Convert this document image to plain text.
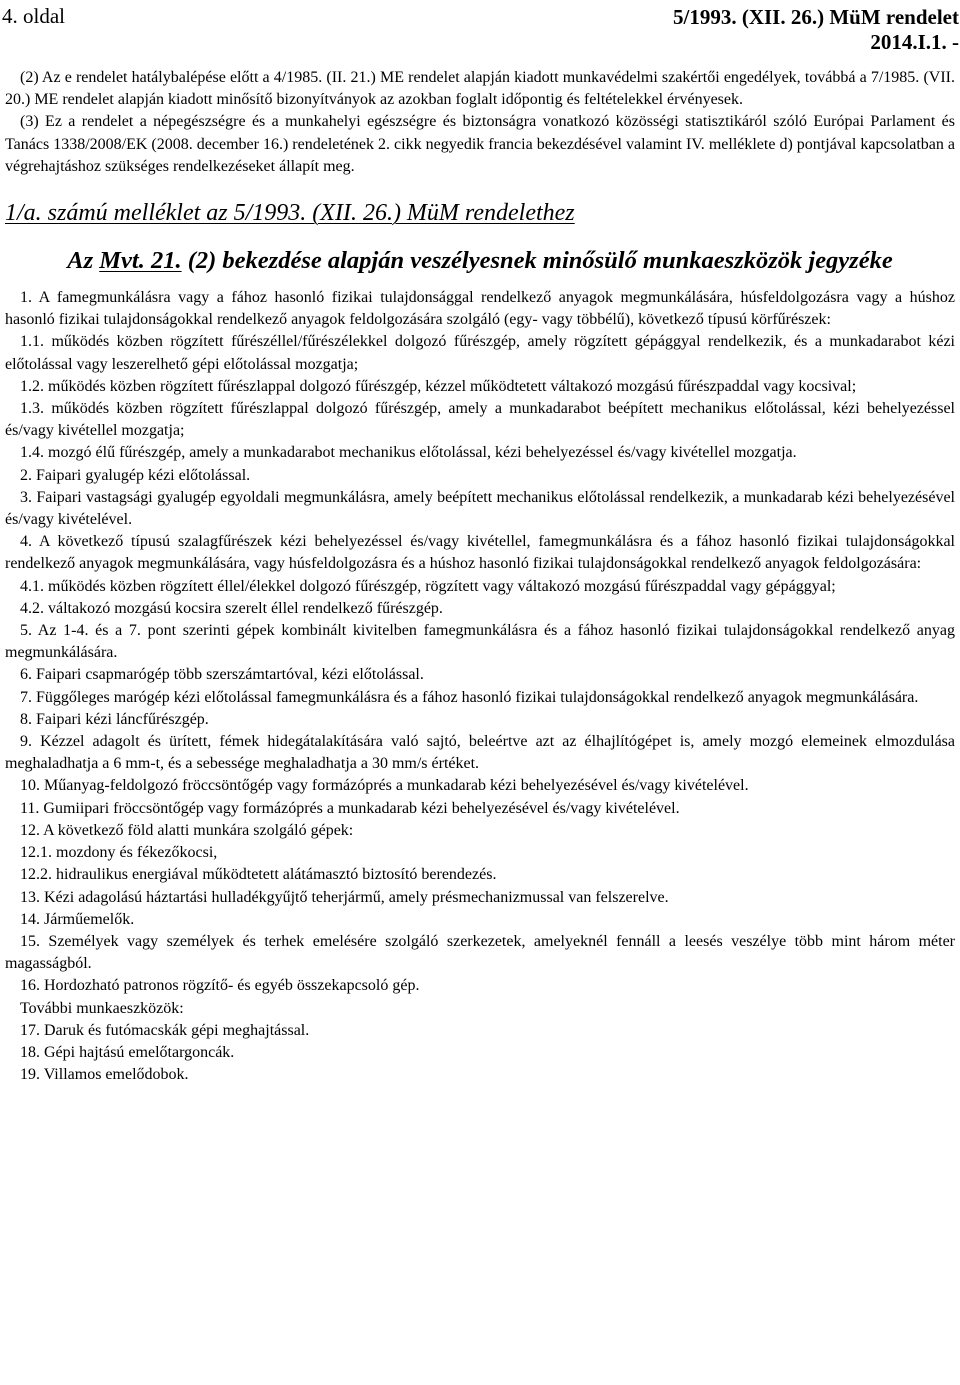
4. oldal	5/1993. (XII. 26.) MüM rendelet
2014.I.1. -

(2) Az e rendelet hatálybalépése előtt a 4/1985. (II. 21.) ME rendelet alapján kiadott munkavédelmi szakértői engedélyek, továbbá a 7/1985. (VII. 20.) ME rendelet alapján kiadott minősítő bizonyítványok az azokban foglalt időpontig és feltételekkel érvényesek.

(3) Ez a rendelet a népegészségre és a munkahelyi egészségre és biztonságra vonatkozó közösségi statisztikáról szóló Európai Parlament és Tanács 1338/2008/EK (2008. december 16.) rendeletének 2. cikk negyedik francia bekezdésével valamint IV. melléklete d) pontjával kapcsolatban a végrehajtáshoz szükséges rendelkezéseket állapít meg.

1/a. számú melléklet az 5/1993. (XII. 26.) MüM rendelethez
Az Mvt. 21. (2) bekezdése alapján veszélyesnek minősülő munkaeszközök jegyzéke

1. A famegmunkálásra vagy a fához hasonló fizikai tulajdonsággal rendelkező anyagok megmunkálására, húsfeldolgozásra vagy a húshoz hasonló fizikai tulajdonságokkal rendelkező anyagok feldolgozására szolgáló (egy- vagy többélű), következő típusú körfűrészek:

1.1. működés közben rögzített fűrészéllel/fűrészélekkel dolgozó fűrészgép, amely rögzített gépággyal rendelkezik, és a munkadarabot kézi előtolással vagy leszerelhető gépi előtolással mozgatja;

1.2. működés közben rögzített fűrészlappal dolgozó fűrészgép, kézzel működtetett váltakozó mozgású fűrészpaddal vagy kocsival;

1.3. működés közben rögzített fűrészlappal dolgozó fűrészgép, amely a munkadarabot beépített mechanikus előtolással, kézi behelyezéssel és/vagy kivétellel mozgatja;

1.4. mozgó élű fűrészgép, amely a munkadarabot mechanikus előtolással, kézi behelyezéssel és/vagy kivétellel mozgatja.

2. Faipari gyalugép kézi előtolással.

3. Faipari vastagsági gyalugép egyoldali megmunkálásra, amely beépített mechanikus előtolással rendelkezik, a munkadarab kézi behelyezésével és/vagy kivételével.

4. A következő típusú szalagfűrészek kézi behelyezéssel és/vagy kivétellel, famegmunkálásra és a fához hasonló fizikai tulajdonságokkal rendelkező anyagok megmunkálására, vagy húsfeldolgozásra és a húshoz hasonló fizikai tulajdonságokkal rendelkező anyagok feldolgozására:

4.1. működés közben rögzített éllel/élekkel dolgozó fűrészgép, rögzített vagy váltakozó mozgású fűrészpaddal vagy gépággyal;

4.2. váltakozó mozgású kocsira szerelt éllel rendelkező fűrészgép.

5. Az 1-4. és a 7. pont szerinti gépek kombinált kivitelben famegmunkálásra és a fához hasonló fizikai tulajdonságokkal rendelkező anyag megmunkálására.

6. Faipari csapmarógép több szerszámtartóval, kézi előtolással.

7. Függőleges marógép kézi előtolással famegmunkálásra és a fához hasonló fizikai tulajdonságokkal rendelkező anyagok megmunkálására.

8. Faipari kézi láncfűrészgép.

9. Kézzel adagolt és ürített, fémek hidegátalakítására való sajtó, beleértve azt az élhajlítógépet is, amely mozgó elemeinek elmozdulása meghaladhatja a 6 mm-t, és a sebessége meghaladhatja a 30 mm/s értéket.

10. Műanyag-feldolgozó fröccsöntőgép vagy formázóprés a munkadarab kézi behelyezésével és/vagy kivételével.

11. Gumiipari fröccsöntőgép vagy formázóprés a munkadarab kézi behelyezésével és/vagy kivételével.

12. A következő föld alatti munkára szolgáló gépek:

12.1. mozdony és fékezőkocsi,

12.2. hidraulikus energiával működtetett alátámasztó biztosító berendezés.

13. Kézi adagolású háztartási hulladékgyűjtő teherjármű, amely présmechanizmussal van felszerelve.

14. Járműemelők.

15. Személyek vagy személyek és terhek emelésére szolgáló szerkezetek, amelyeknél fennáll a leesés veszélye több mint három méter magasságból.

16. Hordozható patronos rögzítő- és egyéb összekapcsoló gép.

További munkaeszközök:

17. Daruk és futómacskák gépi meghajtással.

18. Gépi hajtású emelőtargoncák.

19. Villamos emelődobok.
